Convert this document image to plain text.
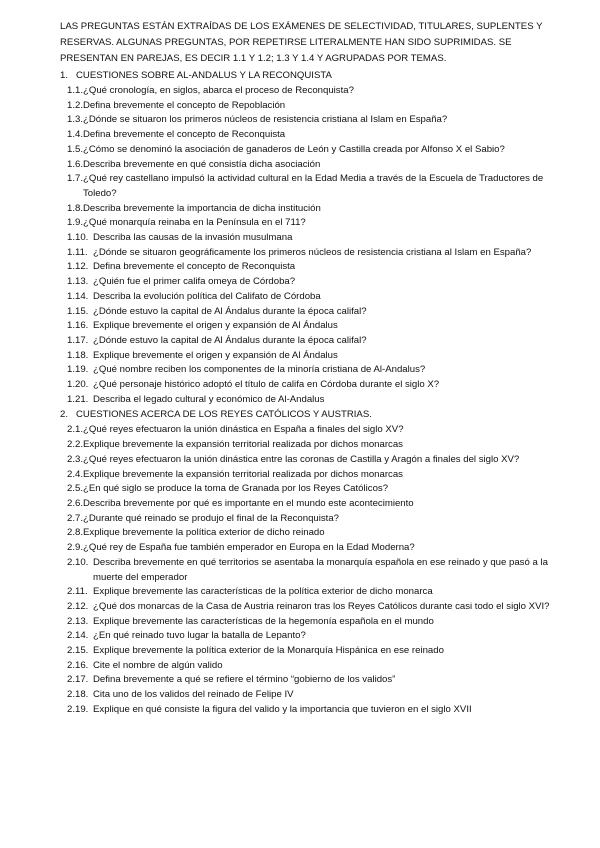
LAS PREGUNTAS ESTÁN EXTRAÍDAS DE LOS EXÁMENES DE SELECTIVIDAD, TITULARES, SUPLENTES Y RESERVAS. ALGUNAS PREGUNTAS, POR REPETIRSE LITERALMENTE HAN SIDO SUPRIMIDAS. SE PRESENTAN EN PAREJAS, ES DECIR 1.1 Y 1.2; 1.3 Y 1.4 Y AGRUPADAS POR TEMAS.

1. CUESTIONES SOBRE AL-ANDALUS Y LA RECONQUISTA
1.1. ¿Qué cronología, en siglos, abarca el proceso de Reconquista?
1.2. Defina brevemente el concepto de Repoblación
1.3. ¿Dónde se situaron los primeros núcleos de resistencia cristiana al Islam en España?
1.4. Defina brevemente el concepto de Reconquista
1.5. ¿Cómo se denominó la asociación de ganaderos de León y Castilla creada por Alfonso X el Sabio?
1.6. Describa brevemente en qué consistía dicha asociación
1.7. ¿Qué rey castellano impulsó la actividad cultural en la Edad Media a través de la Escuela de Traductores de Toledo?
1.8. Describa brevemente la importancia de dicha institución
1.9. ¿Qué monarquía reinaba en la Península en el 711?
1.10. Describa las causas de la invasión musulmana
1.11. ¿Dónde se situaron geográficamente los primeros núcleos de resistencia cristiana al Islam en España?
1.12. Defina brevemente el concepto de Reconquista
1.13. ¿Quién fue el primer califa omeya de Córdoba?
1.14. Describa la evolución política del Califato de Córdoba
1.15. ¿Dónde estuvo la capital de Al Ándalus durante la época califal?
1.16. Explique brevemente el origen y expansión de Al Ándalus
1.17. ¿Dónde estuvo la capital de Al Ándalus durante la época califal?
1.18. Explique brevemente el origen y expansión de Al Ándalus
1.19. ¿Qué nombre reciben los componentes de la minoría cristiana de Al-Andalus?
1.20. ¿Qué personaje histórico adoptó el título de califa en Córdoba durante el siglo X?
1.21. Describa el legado cultural y económico de Al-Andalus
2. CUESTIONES ACERCA DE LOS REYES CATÓLICOS Y AUSTRIAS.
2.1. ¿Qué reyes efectuaron la unión dinástica en España a finales del siglo XV?
2.2. Explique brevemente la expansión territorial realizada por dichos monarcas
2.3. ¿Qué reyes efectuaron la unión dinástica entre las coronas de Castilla y Aragón a finales del siglo XV?
2.4. Explique brevemente la expansión territorial realizada por dichos monarcas
2.5. ¿En qué siglo se produce la toma de Granada por los Reyes Católicos?
2.6. Describa brevemente por qué es importante en el mundo este acontecimiento
2.7. ¿Durante qué reinado se produjo el final de la Reconquista?
2.8. Explique brevemente la política exterior de dicho reinado
2.9. ¿Qué rey de España fue también emperador en Europa en la Edad Moderna?
2.10. Describa brevemente en qué territorios se asentaba la monarquía española en ese reinado y que pasó a la muerte del emperador
2.11. Explique brevemente las características de la política exterior de dicho monarca
2.12. ¿Qué dos monarcas de la Casa de Austria reinaron tras los Reyes Católicos durante casi todo el siglo XVI?
2.13. Explique brevemente las características de la hegemonía española en el mundo
2.14. ¿En qué reinado tuvo lugar la batalla de Lepanto?
2.15. Explique brevemente la política exterior de la Monarquía Hispánica en ese reinado
2.16. Cite el nombre de algún valido
2.17. Defina brevemente a qué se refiere el término “gobierno de los validos”
2.18. Cita uno de los validos del reinado de Felipe IV
2.19. Explique en qué consiste la figura del valido y la importancia que tuvieron en el siglo XVII
